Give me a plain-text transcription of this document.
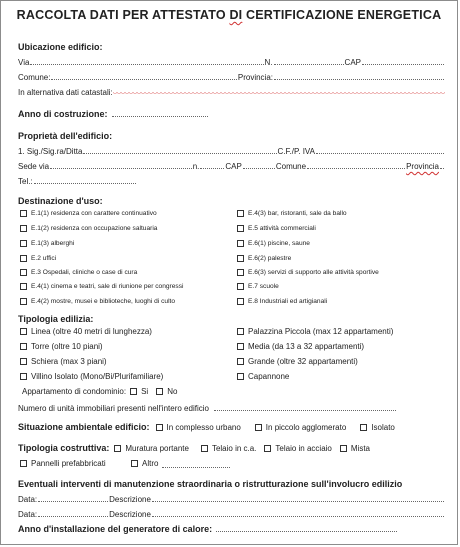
RACCOLTA DATI PER ATTESTATO DI CERTIFICAZIONE ENERGETICA
Ubicazione edificio:
Via	N.	CAP
Comune:	Provincia:
In alternativa dati catastali:
Anno di costruzione:
Proprietà dell'edificio:
1. Sig./Sig.ra/Ditta	C.F./P. IVA
Sede via	n.	CAP	Comune	Provincia
Tel.:
Destinazione d'uso:
E.1(1) residenza con carattere continuativo
E.1(2) residenza con occupazione saltuaria
E.1(3) alberghi
E.2 uffici
E.3 Ospedali, cliniche o case di cura
E.4(1) cinema e teatri, sale di riunione per congressi
E.4(2) mostre, musei e biblioteche, luoghi di culto
E.4(3) bar, ristoranti, sale da ballo
E.5 attività commerciali
E.6(1) piscine, saune
E.6(2) palestre
E.6(3) servizi di supporto alle attività sportive
E.7 scuole
E.8 Industriali ed artigianali
Tipologia edilizia:
Linea (oltre 40 metri di lunghezza)
Torre (oltre 10 piani)
Schiera (max 3 piani)
Villino Isolato (Mono/Bi/Plurifamiliare)
Palazzina Piccola (max 12 appartamenti)
Media (da 13 a 32 appartamenti)
Grande (oltre 32 appartamenti)
Capannone
Appartamento di condominio: Si No
Numero di unità immobiliari presenti nell'intero edificio
Situazione ambientale edificio: In complesso urbano	In piccolo agglomerato	Isolato
Tipologia costruttiva: Muratura portante	Telaio in c.a. Telaio in acciaio Mista
Pannelli prefabbricati	Altro
Eventuali interventi di manutenzione straordinaria o ristrutturazione sull'involucro edilizio
Data:	Descrizione
Data:	Descrizione
Anno d'installazione del generatore di calore:
